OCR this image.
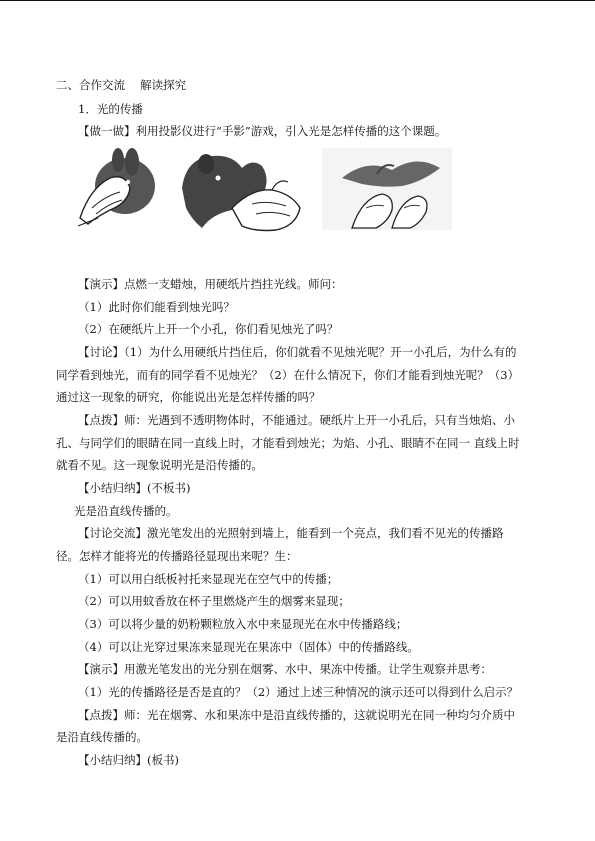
二、合作交流　 解读探究
1．光的传播
【做一做】利用投影仪进行“手影”游戏，引入光是怎样传播的这个课题。
【演示】点燃一支蜡烛，用硬纸片挡拄光线。师问：
（1）此时你们能看到烛光吗？
（2）在硬纸片上开一个小孔，你们看见烛光了吗？
【讨论】（1）为什么用硬纸片挡住后，你们就看不见烛光呢？开一小孔后，为什么有的
同学看到烛光，而有的同学看不见烛光？（2）在什么情况下，你们才能看到烛光呢？（3）
通过这一现象的研究，你能说出光是怎样传播的吗？
【点拨】师：光遇到不透明物体时，不能通过。硬纸片上开一小孔后，只有当烛焰、小
孔、与同学们的眼睛在同一直线上时，才能看到烛光；为焰、小孔、眼睛不在同一 直线上时
就看不见。这一现象说明光是沿传播的。
【小结归纳】(不板书)
光是沿直线传播的。
【讨论交流】激光笔发出的光照射到墙上，能看到一个亮点，我们看不见光的传播路
径。怎样才能将光的传播路径显现出来呢？生：
（1）可以用白纸板衬托来显现光在空气中的传播；
（2）可以用蚊香放在杯子里燃烧产生的烟雾来显现；
（3）可以将少量的奶粉颗粒放入水中来显现光在水中传播路线；
（4）可以让光穿过果冻来显现光在果冻中（固体）中的传播路线。
【演示】用激光笔发出的光分别在烟雾、水中、果冻中传播。让学生观察并思考：
（1）光的传播路径是否是直的？（2）通过上述三种情况的演示还可以得到什么启示？
【点拨】师：光在烟雾、水和果冻中是沿直线传播的，这就说明光在同一种均匀介质中
是沿直线传播的。
【小结归纳】(板书)
